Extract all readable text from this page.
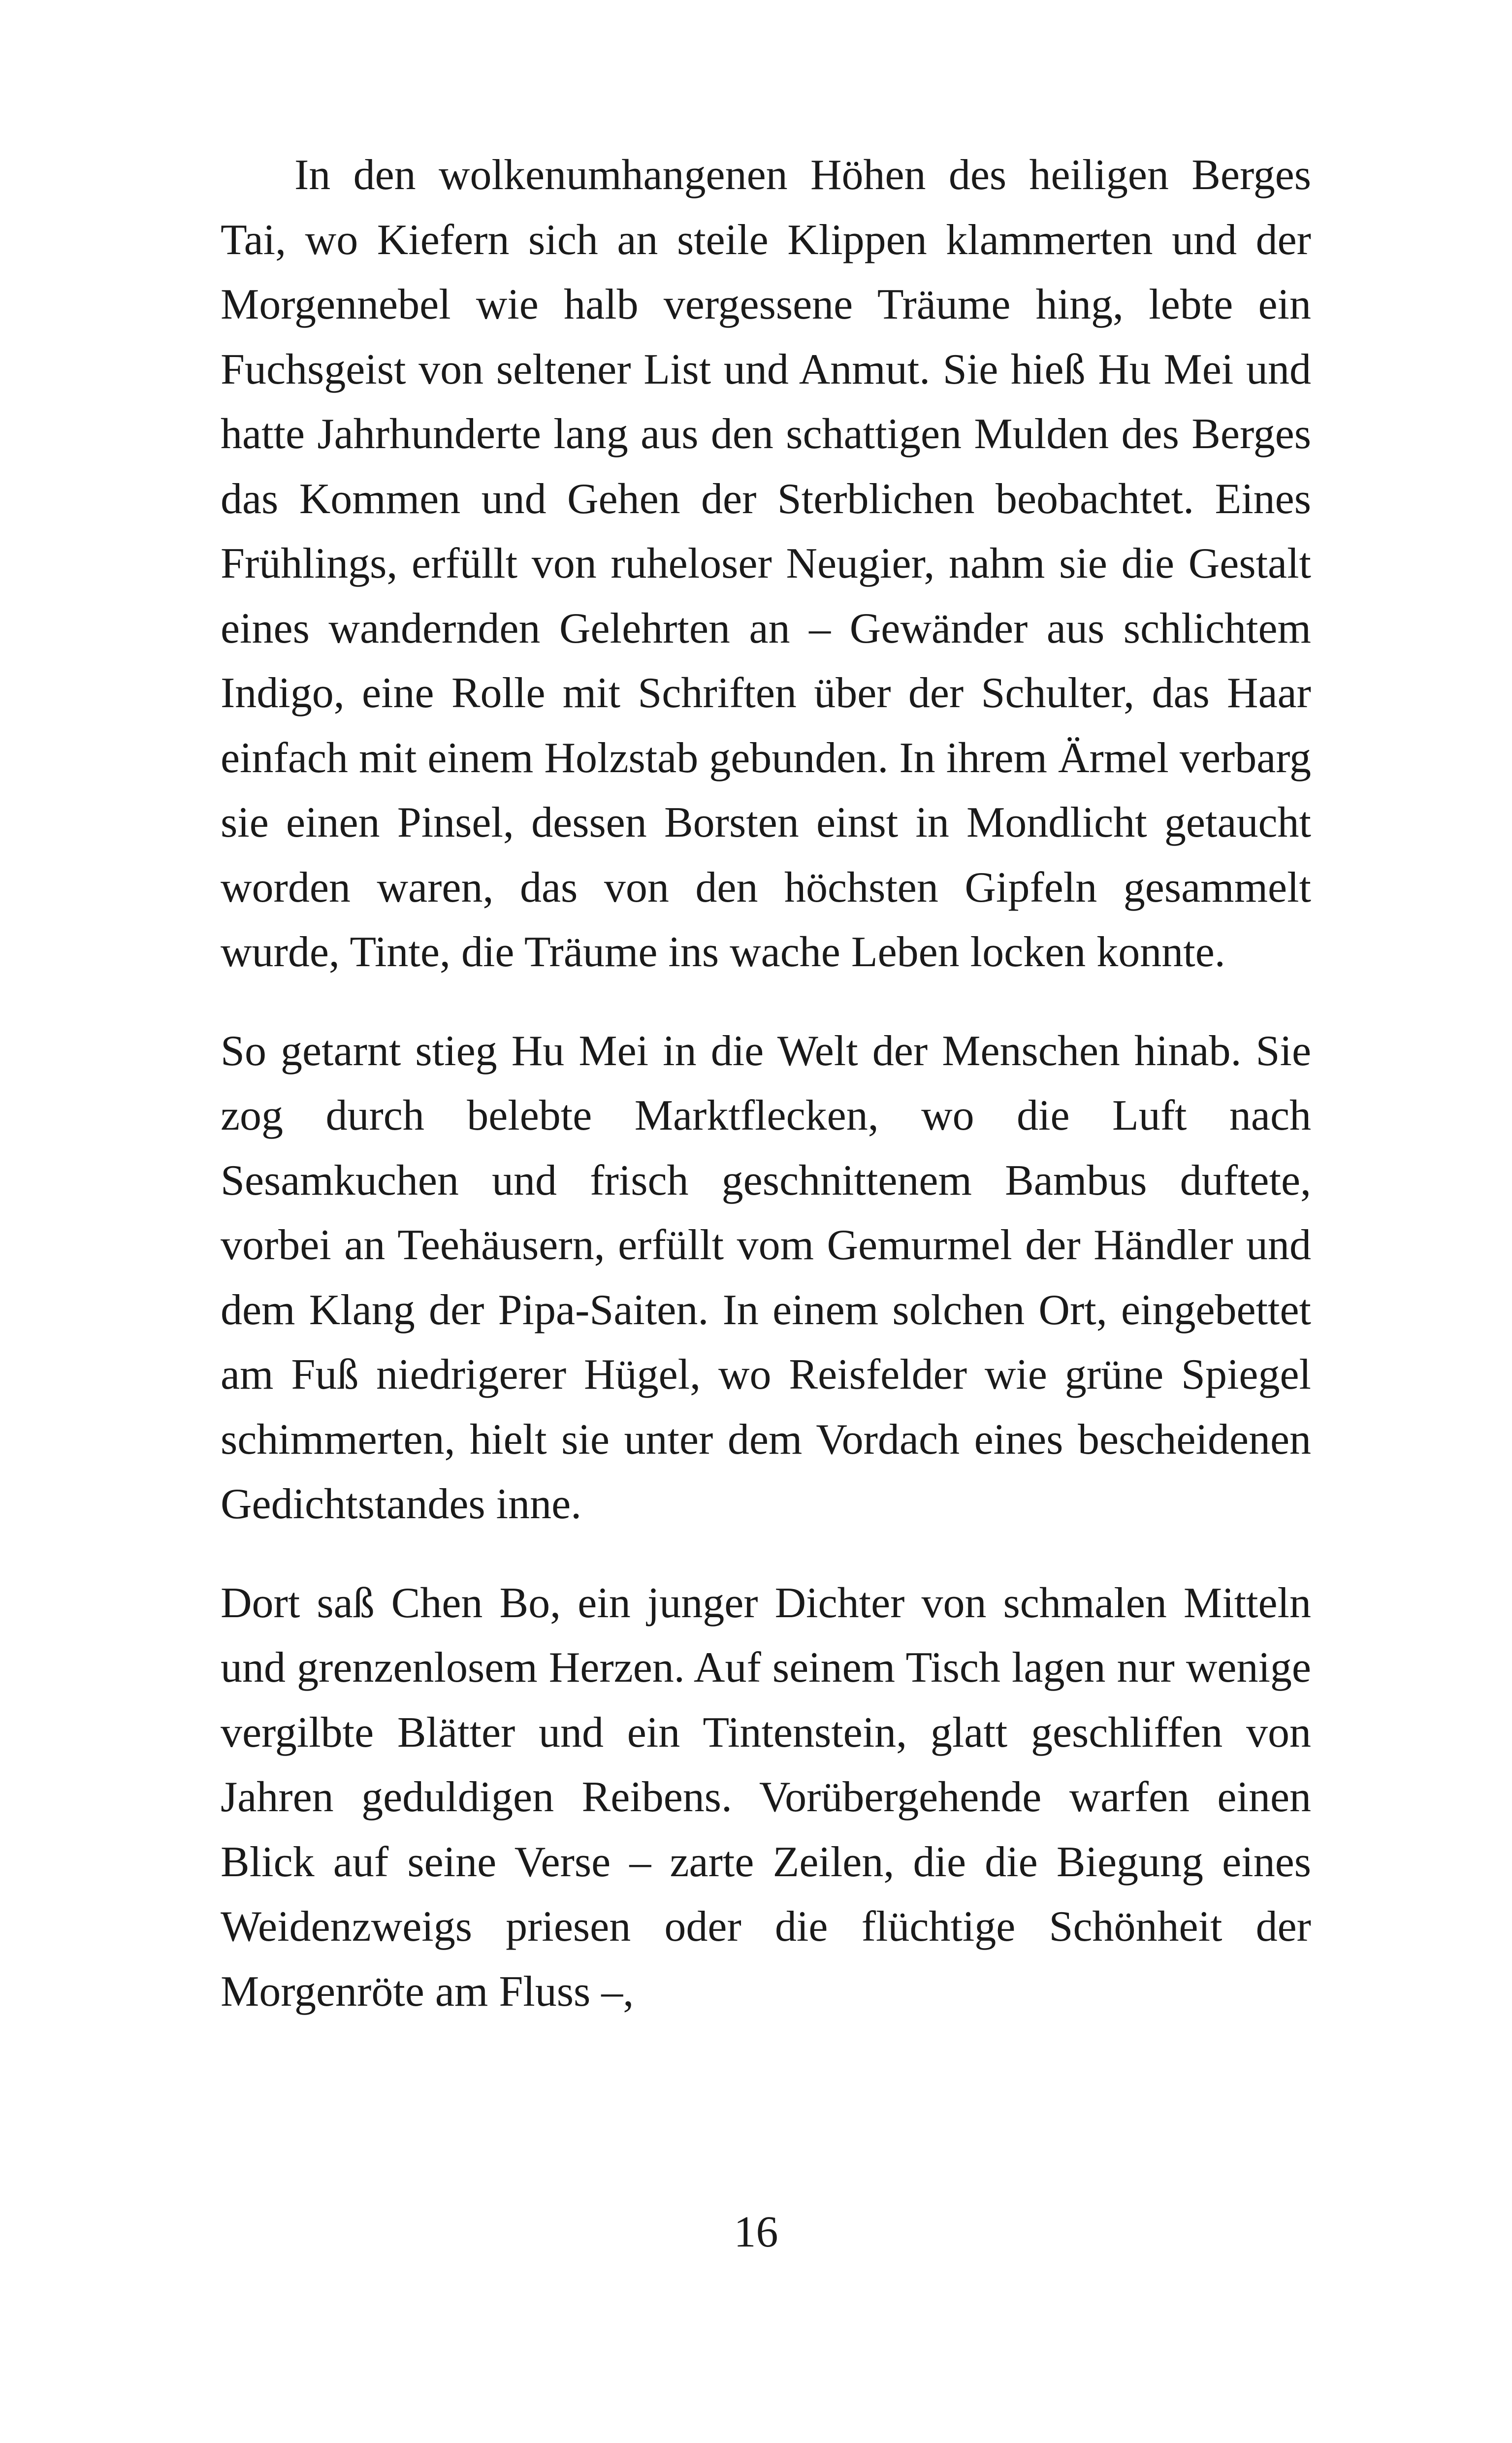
In den wolkenumhangenen Höhen des heiligen Berges Tai, wo Kiefern sich an steile Klippen klammerten und der Morgennebel wie halb vergessene Träume hing, lebte ein Fuchsgeist von seltener List und Anmut. Sie hieß Hu Mei und hatte Jahrhunderte lang aus den schattigen Mulden des Berges das Kommen und Gehen der Sterblichen beobachtet. Eines Frühlings, erfüllt von ruheloser Neugier, nahm sie die Gestalt eines wandernden Gelehrten an – Gewänder aus schlichtem Indigo, eine Rolle mit Schriften über der Schulter, das Haar einfach mit einem Holzstab gebunden. In ihrem Ärmel verbarg sie einen Pinsel, dessen Borsten einst in Mondlicht getaucht worden waren, das von den höchsten Gipfeln gesammelt wurde, Tinte, die Träume ins wache Leben locken konnte.

So getarnt stieg Hu Mei in die Welt der Menschen hinab. Sie zog durch belebte Marktflecken, wo die Luft nach Sesamkuchen und frisch geschnittenem Bambus duftete, vorbei an Teehäusern, erfüllt vom Gemurmel der Händler und dem Klang der Pipa-Saiten. In einem solchen Ort, eingebettet am Fuß niedrigerer Hügel, wo Reisfelder wie grüne Spiegel schimmerten, hielt sie unter dem Vordach eines bescheidenen Gedichtstandes inne.

Dort saß Chen Bo, ein junger Dichter von schmalen Mitteln und grenzenlosem Herzen. Auf seinem Tisch lagen nur wenige vergilbte Blätter und ein Tintenstein, glatt geschliffen von Jahren geduldigen Reibens. Vorübergehende warfen einen Blick auf seine Verse – zarte Zeilen, die die Biegung eines Weidenzweigs priesen oder die flüchtige Schönheit der Morgenröte am Fluss –,

16
